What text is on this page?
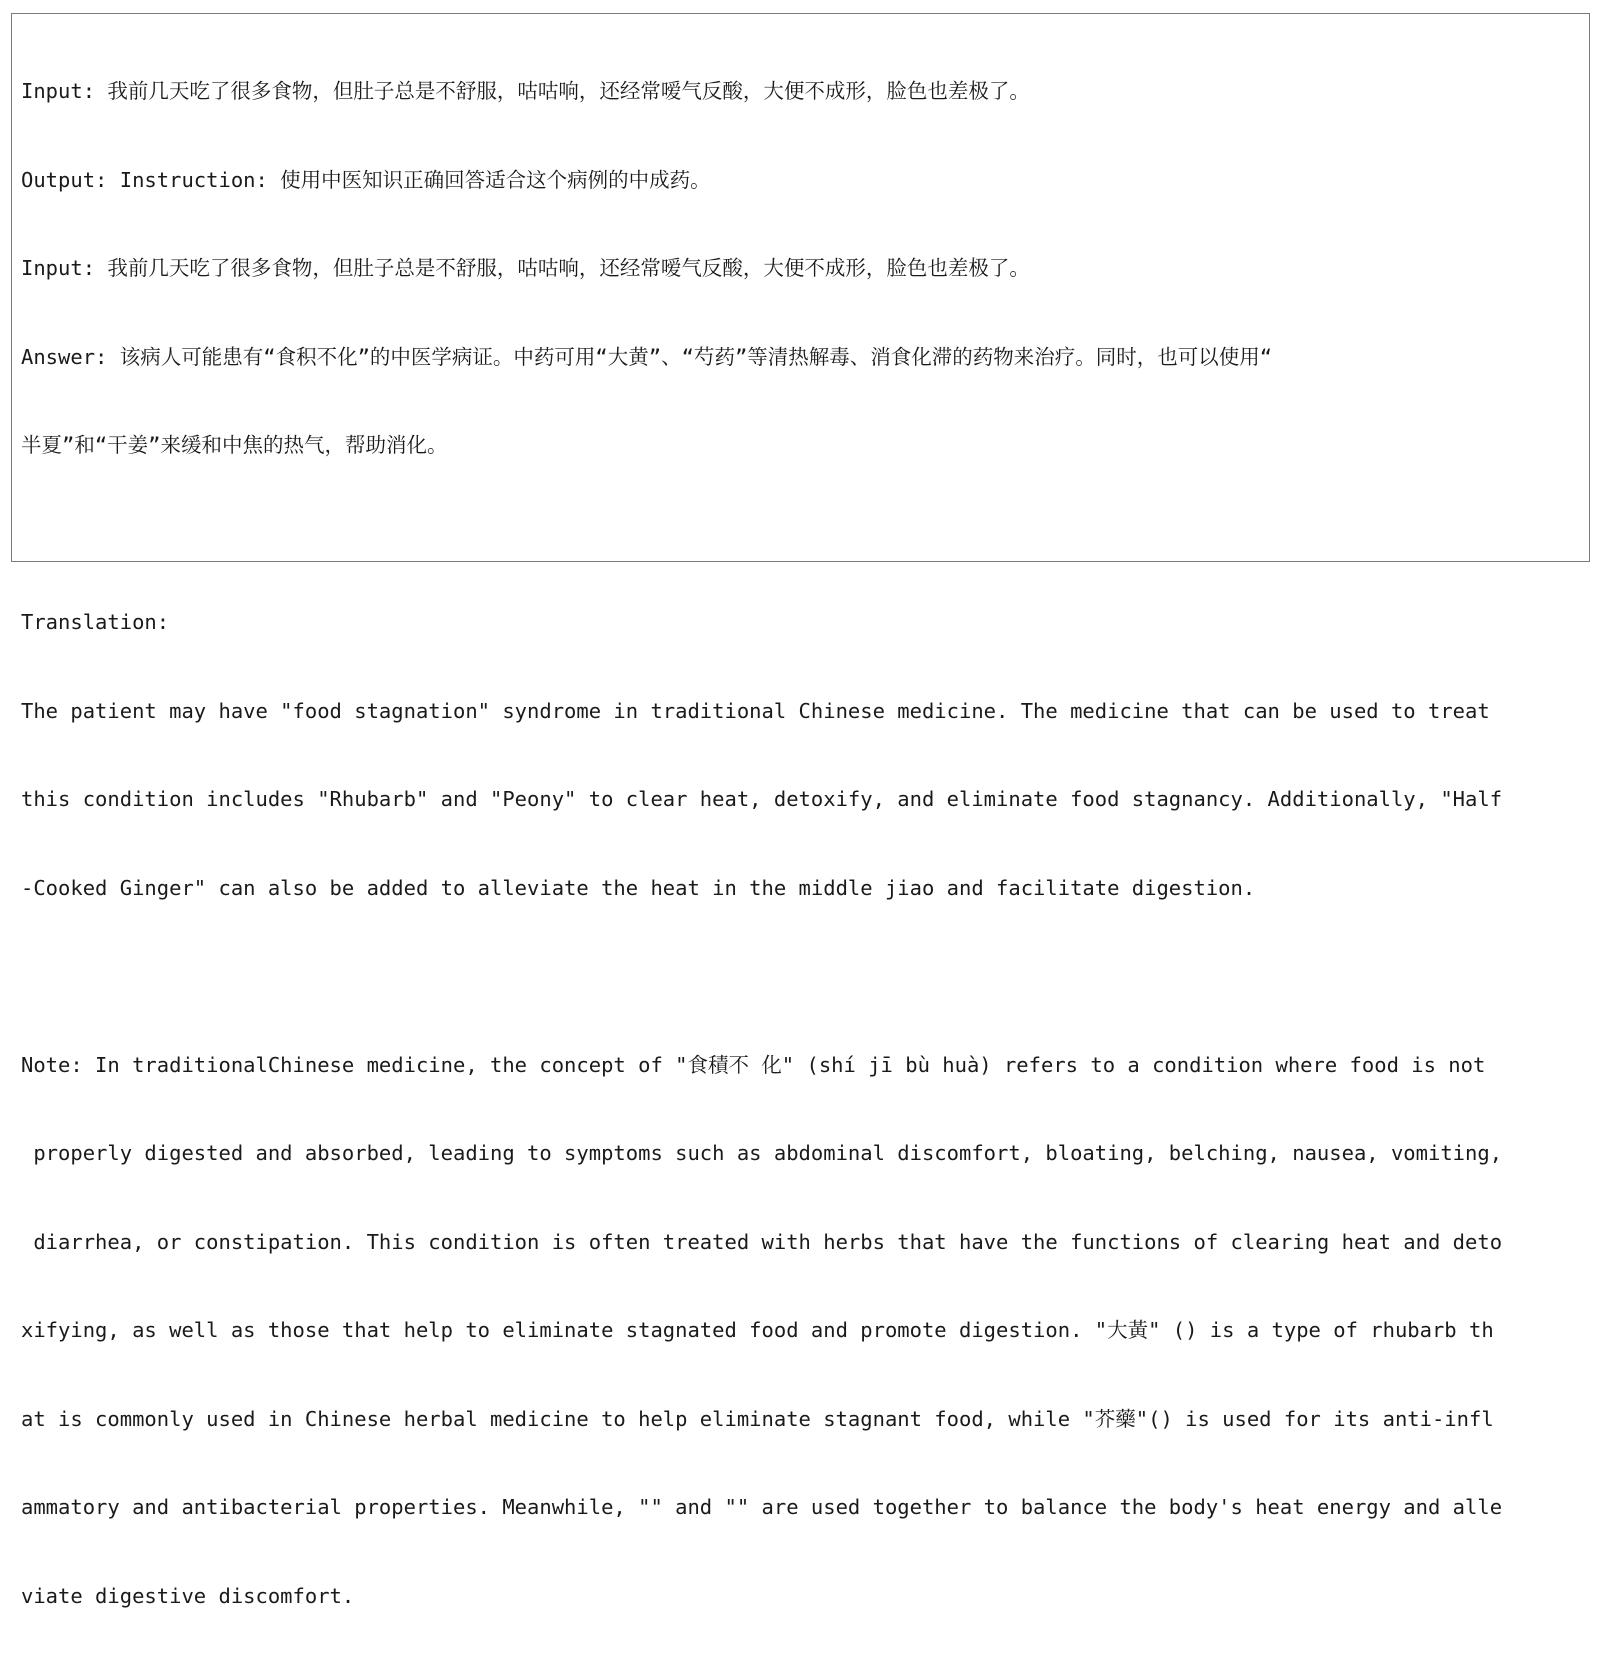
Input: 我前几天吃了很多食物，但肚子总是不舒服，咕咕响，还经常嗳气反酸，大便不成形，脸色也差极了。

Output: Instruction: 使用中医知识正确回答适合这个病例的中成药。

Input: 我前几天吃了很多食物，但肚子总是不舒服，咕咕响，还经常嗳气反酸，大便不成形，脸色也差极了。

Answer: 该病人可能患有“食积不化”的中医学病证。中药可用“大黄”、“芍药”等清热解毒、消食化滞的药物来治疗。同时，也可以使用“

半夏”和“干姜”来缓和中焦的热气，帮助消化。

Translation:

The patient may have "food stagnation" syndrome in traditional Chinese medicine. The medicine that can be used to treat

this condition includes "Rhubarb" and "Peony" to clear heat, detoxify, and eliminate food stagnancy. Additionally, "Half

-Cooked Ginger" can also be added to alleviate the heat in the middle jiao and facilitate digestion.

Note: In traditionalChinese medicine, the concept of "食積不 化" (shí jī bù huà) refers to a condition where food is not

properly digested and absorbed, leading to symptoms such as abdominal discomfort, bloating, belching, nausea, vomiting,

diarrhea, or constipation. This condition is often treated with herbs that have the functions of clearing heat and deto

xifying, as well as those that help to eliminate stagnated food and promote digestion. "大黃" () is a type of rhubarb th

at is commonly used in Chinese herbal medicine to help eliminate stagnant food, while "芥藥"() is used for its anti-infl

ammatory and antibacterial properties. Meanwhile, "" and "" are used together to balance the body's heat energy and alle

viate digestive discomfort.
